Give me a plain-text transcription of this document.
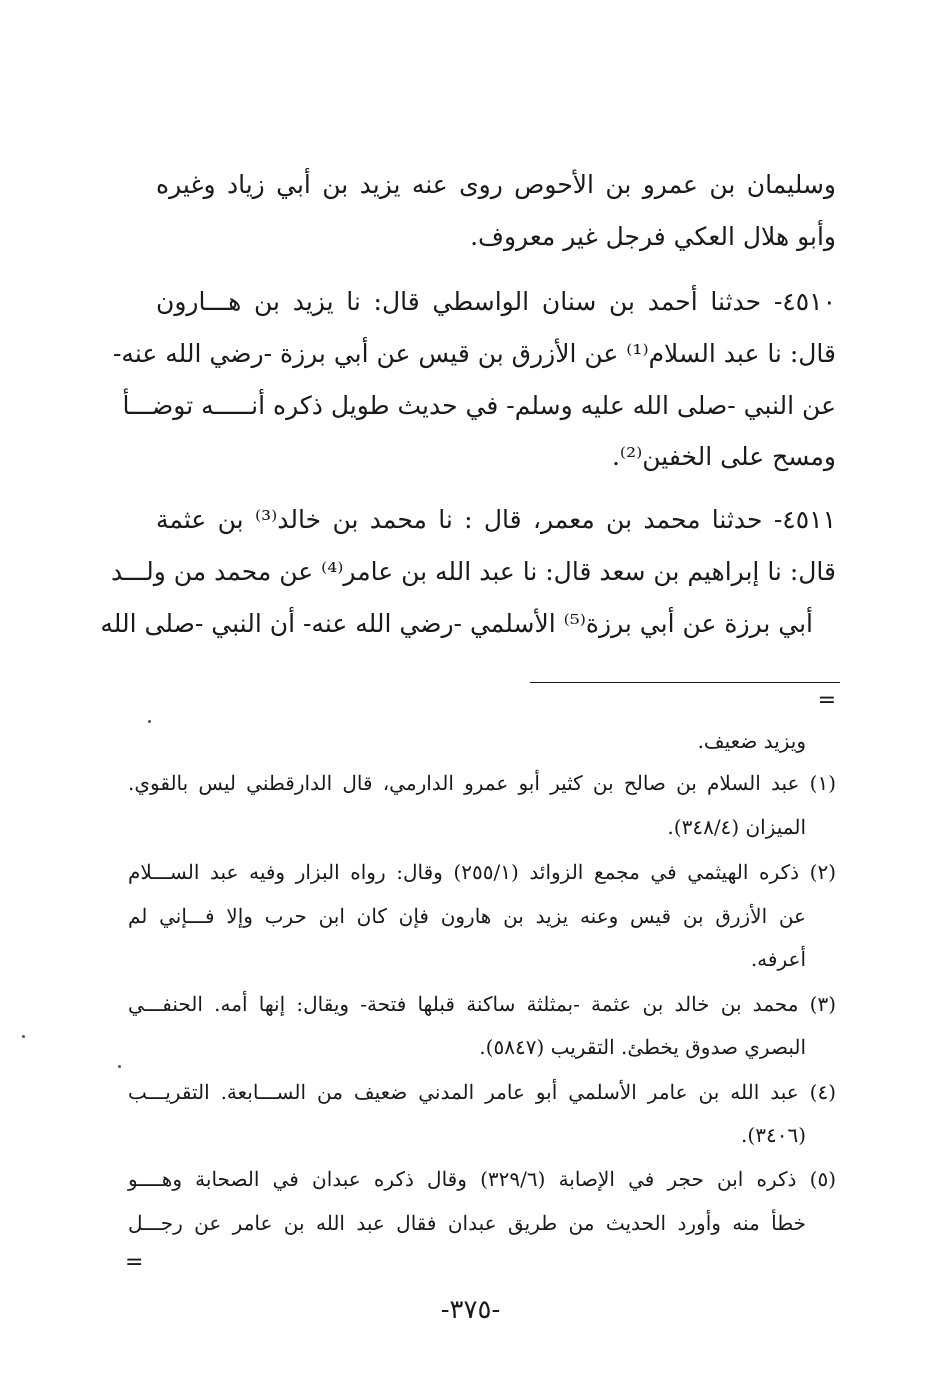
وسليمان بن عمرو بن الأحوص روى عنه يزيد بن أبي زياد وغيره
وأبو هلال العكي فرجل غير معروف.
٤٥١٠- حدثنا أحمد بن سنان الواسطي قال: نا يزيد بن هـــارون
قال: نا عبد السلام⁽¹⁾ عن الأزرق بن قيس عن أبي برزة -رضي الله عنه-
عن النبي -صلى الله عليه وسلم- في حديث طويل ذكره أنـــــه توضـــأ
ومسح على الخفين⁽²⁾.
٤٥١١- حدثنا محمد بن معمر، قال : نا محمد بن خالد⁽³⁾ بن عثمة
قال: نا إبراهيم بن سعد قال: نا عبد الله بن عامر⁽⁴⁾ عن محمد من ولـــد
أبي برزة عن أبي برزة⁽⁵⁾ الأسلمي -رضي الله عنه- أن النبي -صلى الله
=
ويزيد ضعيف.
(١) عبد السلام بن صالح بن كثير أبو عمرو الدارمي، قال الدارقطني ليس بالقوي.
الميزان (٣٤٨/٤).
(٢) ذكره الهيثمي في مجمع الزوائد (٢٥٥/١) وقال: رواه البزار وفيه عبد الســـلام
عن الأزرق بن قيس وعنه يزيد بن هارون فإن كان ابن حرب وإلا فـــإني لم
أعرفه.
(٣) محمد بن خالد بن عثمة -بمثلثة ساكنة قبلها فتحة- ويقال: إنها أمه. الحنفـــي
البصري صدوق يخطئ. التقريب (٥٨٤٧).
(٤) عبد الله بن عامر الأسلمي أبو عامر المدني ضعيف من الســـابعة. التقريـــب
(٣٤٠٦).
(٥) ذكره ابن حجر في الإصابة (٣٢٩/٦) وقال ذكره عبدان في الصحابة وهــــو
خطأ منه وأورد الحديث من طريق عبدان فقال عبد الله بن عامر عن رجـــل
=
-٣٧٥-
